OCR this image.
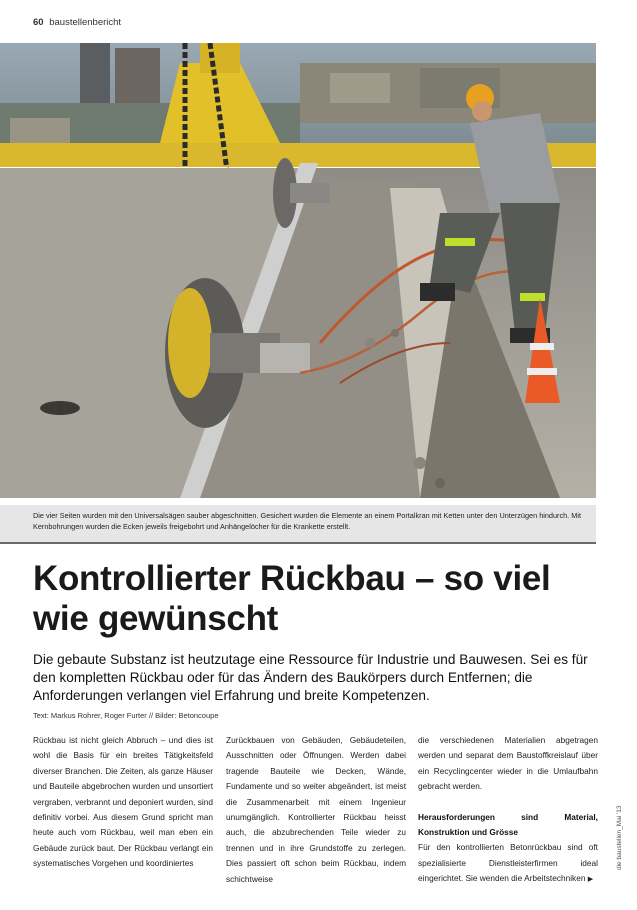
60 baustellenbericht
Die vier Seiten wurden mit den Universalsägen sauber abgeschnitten. Gesichert wurden die Elemente an einem Portalkran mit Ketten unter den Unterzügen hindurch. Mit Kernbohrungen wurden die Ecken jeweils freigebohrt und Anhängelöcher für die Krankette erstellt.
Kontrollierter Rückbau – so viel wie gewünscht

Die gebaute Substanz ist heutzutage eine Ressource für Industrie und Bauwesen. Sei es für den kompletten Rückbau oder für das Ändern des Baukörpers durch Entfernen; die Anforderungen verlangen viel Erfahrung und breite Kompetenzen.

Text: Markus Rohrer, Roger Furter // Bilder: Betoncoupe
Rückbau ist nicht gleich Abbruch – und dies ist wohl die Basis für ein breites Tätigkeitsfeld diverser Branchen. Die Zeiten, als ganze Häuser und Bauteile abgebrochen wurden und unsortiert vergraben, verbrannt und deponiert wurden, sind definitiv vorbei. Aus diesem Grund spricht man heute auch vom Rückbau, weil man eben ein Gebäude zurück baut. Der Rückbau verlangt ein systematisches Vorgehen und koordiniertes
Zurückbauen von Gebäuden, Gebäudeteilen, Ausschnitten oder Öffnungen. Werden dabei tragende Bauteile wie Decken, Wände, Fundamente und so weiter abgeändert, ist meist die Zusammenarbeit mit einem Ingenieur unumgänglich. Kontrollierter Rückbau heisst auch, die abzubrechenden Teile wieder zu trennen und in ihre Grundstoffe zu zerlegen. Dies passiert oft schon beim Rückbau, indem schichtweise

die verschiedenen Materialien abgetragen werden und separat dem Baustoffkreislauf über ein Recyclingcenter wieder in die Umlaufbahn gebracht werden.

Herausforderungen sind Material, Konstruktion und Grösse

Für den kontrollierten Betonrückbau sind oft spezialisierte Dienstleisterfirmen ideal eingerichtet. Sie wenden die Arbeitstechniken ▶

die baustellen_Mai '13
